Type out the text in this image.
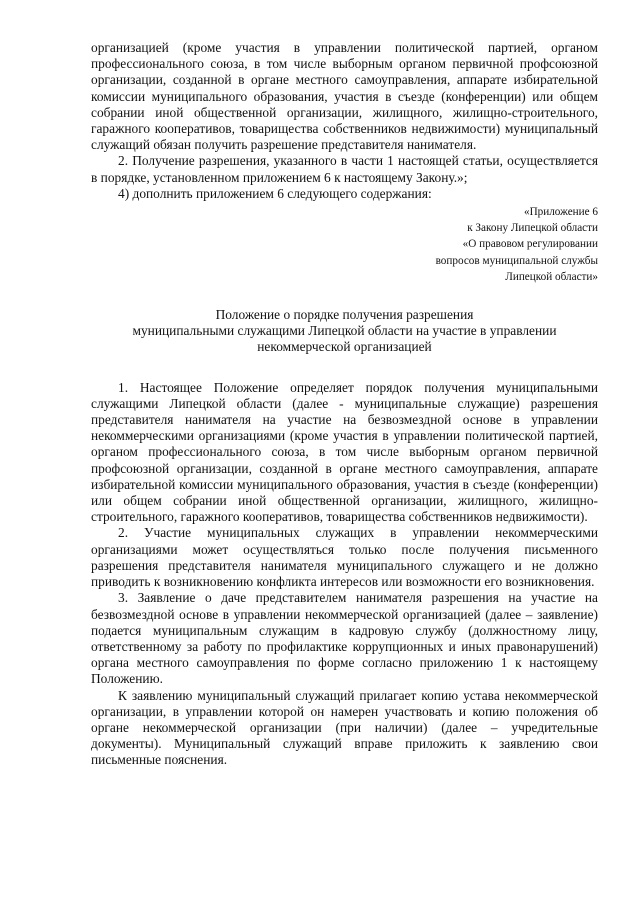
организацией (кроме участия в управлении политической партией, органом профессионального союза, в том числе выборным органом первичной профсоюзной организации, созданной в органе местного самоуправления, аппарате избирательной комиссии муниципального образования, участия в съезде (конференции) или общем собрании иной общественной организации, жилищного, жилищно-строительного, гаражного кооперативов, товарищества собственников недвижимости) муниципальный служащий обязан получить разрешение представителя нанимателя.

2. Получение разрешения, указанного в части 1 настоящей статьи, осуществляется в порядке, установленном приложением 6 к настоящему Закону.»;

4) дополнить приложением 6 следующего содержания:

«Приложение 6
к Закону Липецкой области
«О правовом регулировании
вопросов муниципальной службы
Липецкой области»
Положение о порядке получения разрешения
муниципальными служащими Липецкой области на участие в управлении
некоммерческой организацией

1. Настоящее Положение определяет порядок получения муниципальными служащими Липецкой области (далее - муниципальные служащие) разрешения представителя нанимателя на участие на безвозмездной основе в управлении некоммерческими организациями (кроме участия в управлении политической партией, органом профессионального союза, в том числе выборным органом первичной профсоюзной организации, созданной в органе местного самоуправления, аппарате избирательной комиссии муниципального образования, участия в съезде (конференции) или общем собрании иной общественной организации, жилищного, жилищно-строительного, гаражного кооперативов, товарищества собственников недвижимости).

2. Участие муниципальных служащих в управлении некоммерческими организациями может осуществляться только после получения письменного разрешения представителя нанимателя муниципального служащего и не должно приводить к возникновению конфликта интересов или возможности его возникновения.

3. Заявление о даче представителем нанимателя разрешения на участие на безвозмездной основе в управлении некоммерческой организацией (далее – заявление) подается муниципальным служащим в кадровую службу (должностному лицу, ответственному за работу по профилактике коррупционных и иных правонарушений) органа местного самоуправления по форме согласно приложению 1 к настоящему Положению.

К заявлению муниципальный служащий прилагает копию устава некоммерческой организации, в управлении которой он намерен участвовать и копию положения об органе некоммерческой организации (при наличии) (далее – учредительные документы). Муниципальный служащий вправе приложить к заявлению свои письменные пояснения.
